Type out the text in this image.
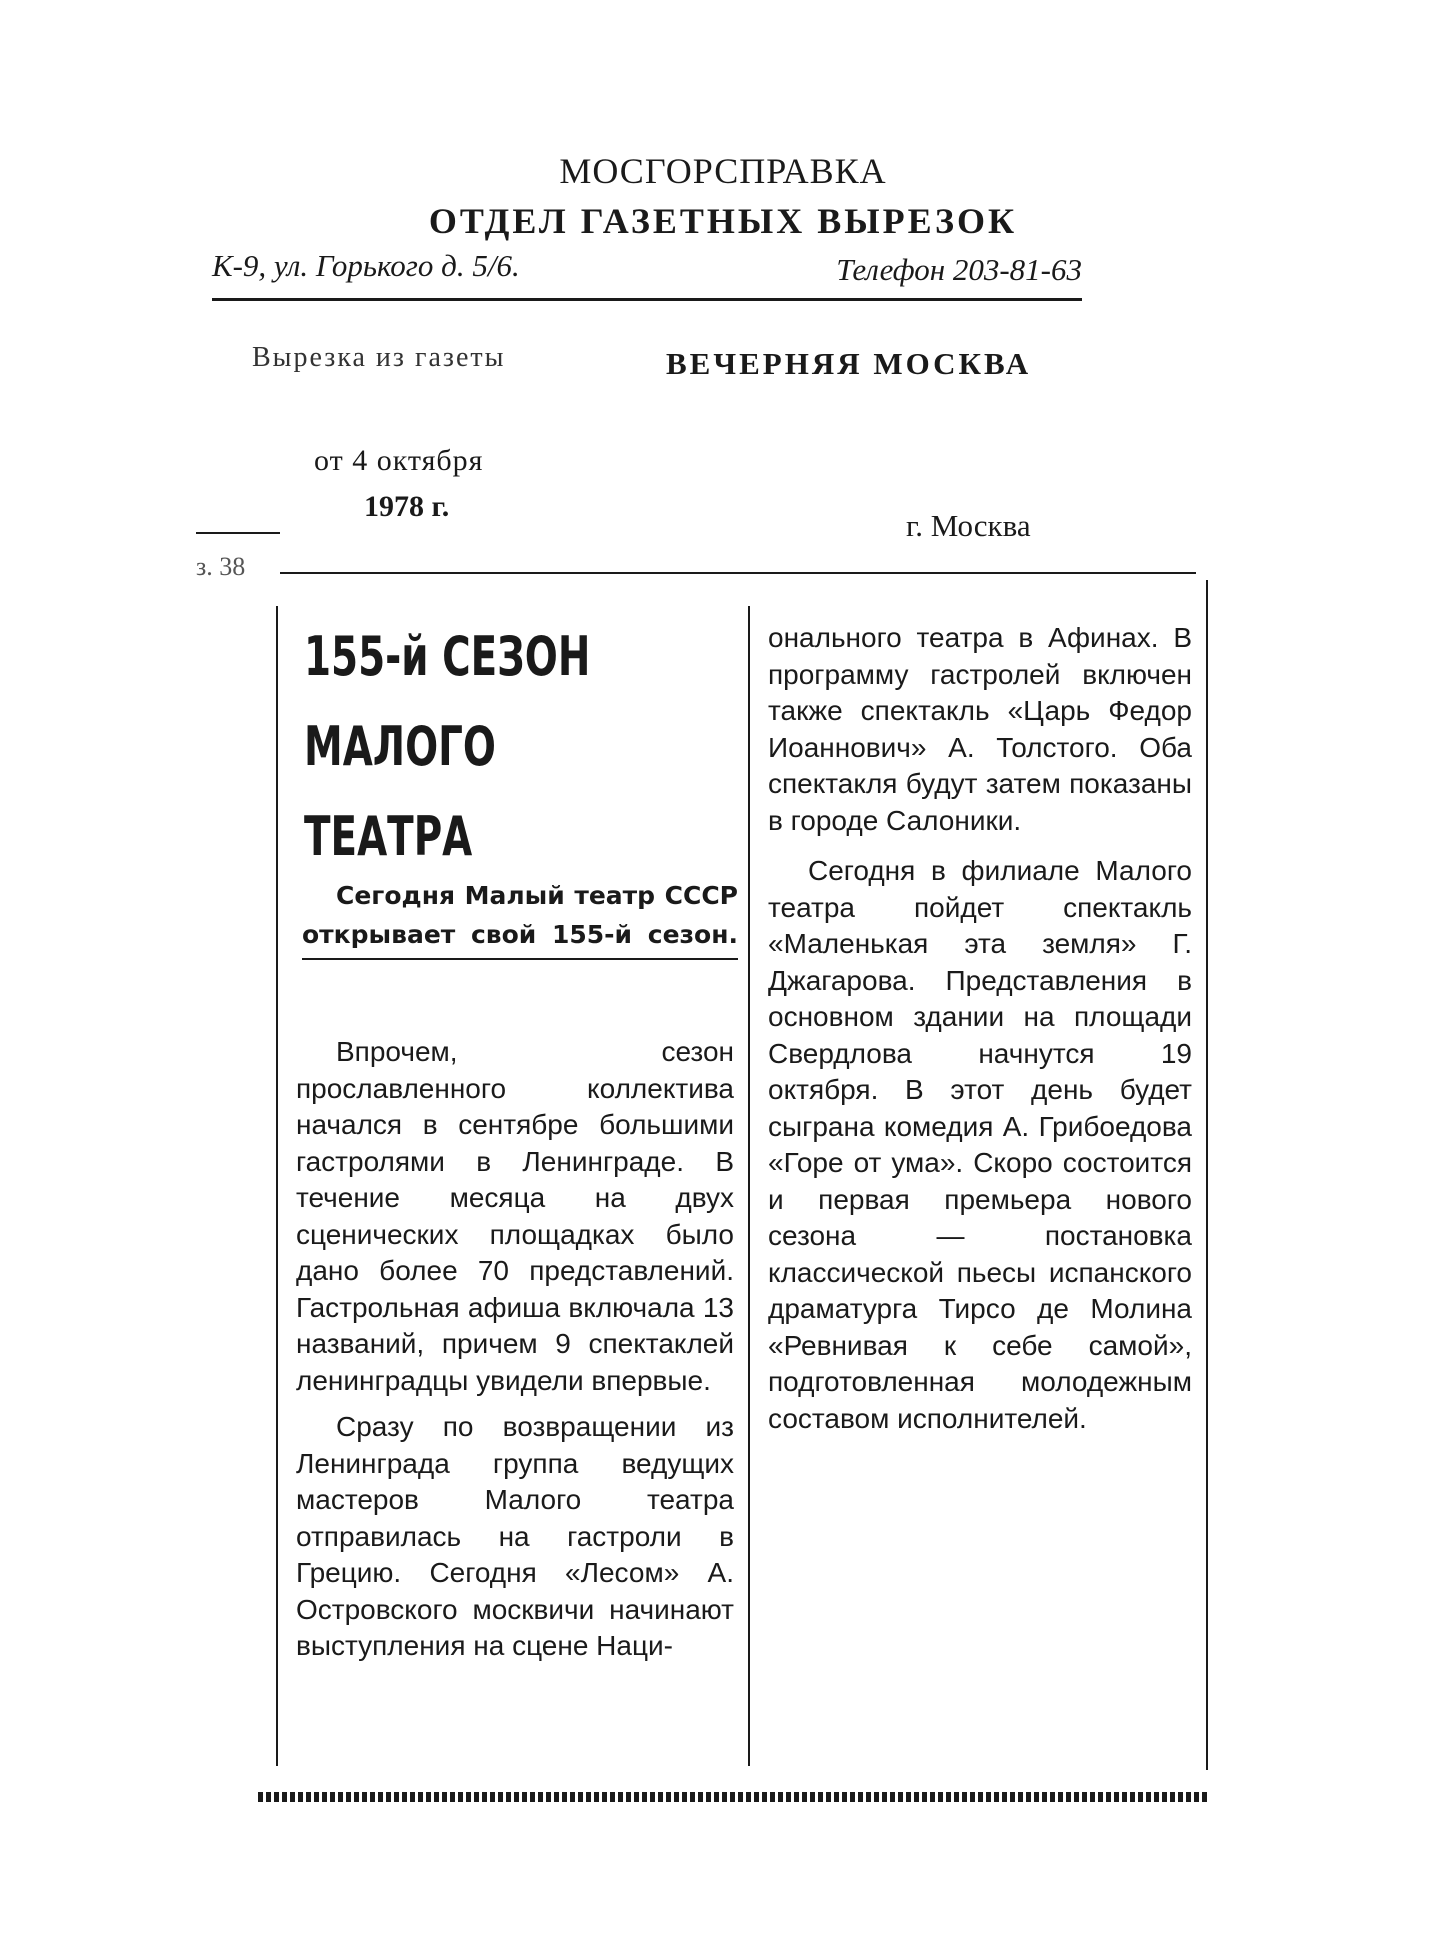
МОСГОРСПРАВКА
ОТДЕЛ ГАЗЕТНЫХ ВЫРЕЗОК
К-9, ул. Горького д. 5/6.	Телефон 203-81-63
Вырезка из газеты	ВЕЧЕРНЯЯ МОСКВА
от 4 октября
1978 г.
г. Москва
з. 38
155-й СЕЗОН
МАЛОГО
ТЕАТРА

Сегодня Малый театр СССР открывает свой 155-й сезон.

Впрочем, сезон прославленного коллектива начался в сентябре большими гастролями в Ленинграде. В течение месяца на двух сценических площадках было дано более 70 представлений. Гастрольная афиша включала 13 названий, причем 9 спектаклей ленинградцы увидели впервые.

Сразу по возвращении из Ленинграда группа ведущих мастеров Малого театра отправилась на гастроли в Грецию. Сегодня «Лесом» А. Островского москвичи начинают выступления на сцене Наци-

онального театра в Афинах. В программу гастролей включен также спектакль «Царь Федор Иоаннович» А. Толстого. Оба спектакля будут затем показаны в городе Салоники.

Сегодня в филиале Малого театра пойдет спектакль «Маленькая эта земля» Г. Джагарова. Представления в основном здании на площади Свердлова начнутся 19 октября. В этот день будет сыграна комедия А. Грибоедова «Горе от ума». Скоро состоится и первая премьера нового сезона — постановка классической пьесы испанского драматурга Тирсо де Молина «Ревнивая к себе самой», подготовленная молодежным составом исполнителей.
